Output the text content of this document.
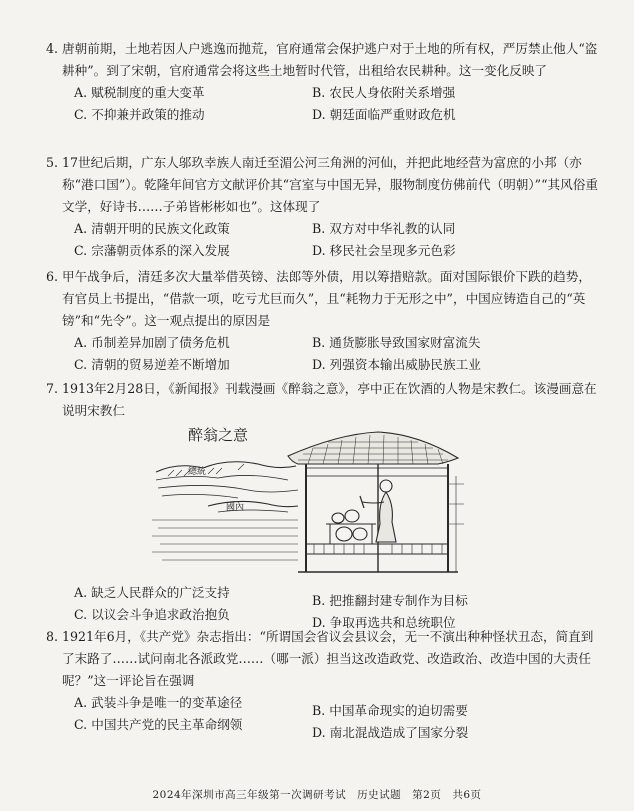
4. 唐朝前期，土地若因人户逃逸而抛荒，官府通常会保护逃户对于土地的所有权，严厉禁止他人“盗耕种”。到了宋朝，官府通常会将这些土地暂时代管，出租给农民耕种。这一变化反映了

A. 赋税制度的重大变革	B. 农民人身依附关系增强
C. 不抑兼并政策的推动	D. 朝廷面临严重财政危机

5. 17世纪后期，广东人邬玖幸族人南迁至湄公河三角洲的河仙，并把此地经营为富庶的小邦（亦称“港口国”）。乾隆年间官方文献评价其“宫室与中国无异，服物制度仿佛前代（明朝）”“其风俗重文学，好诗书……子弟皆彬彬如也”。这体现了

A. 清朝开明的民族文化政策	B. 双方对中华礼教的认同
C. 宗藩朝贡体系的深入发展	D. 移民社会呈现多元色彩

6. 甲午战争后，清廷多次大量举借英镑、法郎等外债，用以筹措赔款。面对国际银价下跌的趋势，有官员上书提出，“借款一项，吃亏尤巨而久”，且“耗物力于无形之中”，中国应铸造自己的“英镑”和“先令”。这一观点提出的原因是

A. 币制差异加剧了债务危机	B. 通货膨胀导致国家财富流失
C. 清朝的贸易逆差不断增加	D. 列强资本输出威胁民族工业

7. 1913年2月28日，《新闻报》刊载漫画《醉翁之意》，亭中正在饮酒的人物是宋教仁。该漫画意在说明宋教仁

醉翁之意
總統
國內
A. 缺乏人民群众的广泛支持
B. 把推翻封建专制作为目标
C. 以议会斗争追求政治抱负
D. 争取再选共和总统职位

8. 1921年6月，《共产党》杂志指出：“所谓国会省议会县议会，无一不演出种种怪状丑态，简直到了末路了……试问南北各派政党……（哪一派）担当这改造政党、改造政治、改造中国的大责任呢？”这一评论旨在强调

A. 武装斗争是唯一的变革途径
B. 中国革命现实的迫切需要
C. 中国共产党的民主革命纲领
D. 南北混战造成了国家分裂
2024年深圳市高三年级第一次调研考试　历史试题　第2页　共6页
